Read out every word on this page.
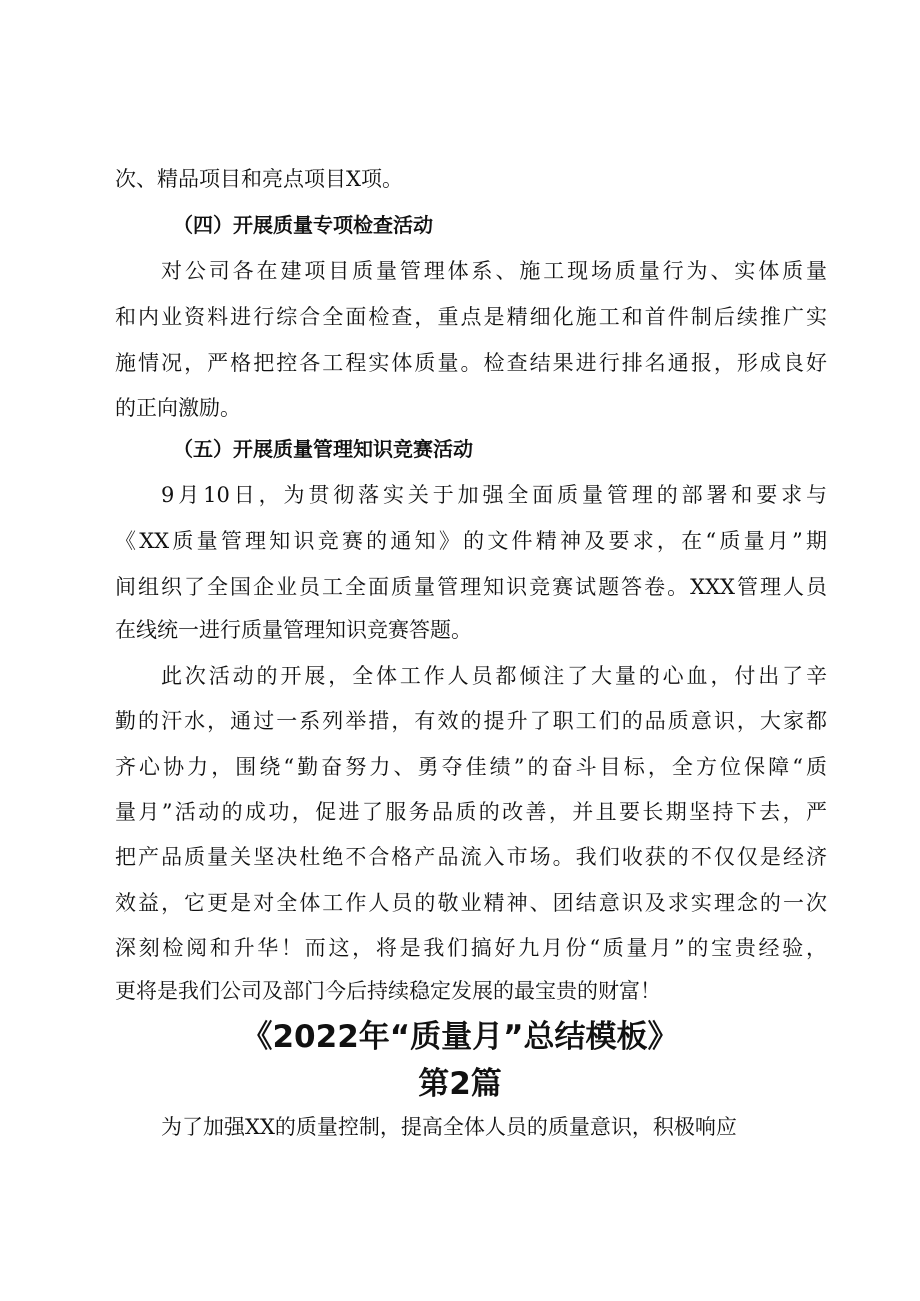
次、精品项目和亮点项目X项。

（四）开展质量专项检查活动

对公司各在建项目质量管理体系、施工现场质量行为、实体质量

和内业资料进行综合全面检查，重点是精细化施工和首件制后续推广实

施情况，严格把控各工程实体质量。检查结果进行排名通报，形成良好

的正向激励。

（五）开展质量管理知识竞赛活动

9月10日，为贯彻落实关于加强全面质量管理的部署和要求与

《XX质量管理知识竞赛的通知》的文件精神及要求，在“质量月”期

间组织了全国企业员工全面质量管理知识竞赛试题答卷。XXX管理人员

在线统一进行质量管理知识竞赛答题。

此次活动的开展，全体工作人员都倾注了大量的心血，付出了辛

勤的汗水，通过一系列举措，有效的提升了职工们的品质意识，大家都

齐心协力，围绕“勤奋努力、勇夺佳绩”的奋斗目标，全方位保障“质

量月”活动的成功，促进了服务品质的改善，并且要长期坚持下去，严

把产品质量关坚决杜绝不合格产品流入市场。我们收获的不仅仅是经济

效益，它更是对全体工作人员的敬业精神、团结意识及求实理念的一次

深刻检阅和升华！而这，将是我们搞好九月份“质量月”的宝贵经验，

更将是我们公司及部门今后持续稳定发展的最宝贵的财富！

《2022年“质量月”总结模板》
第2篇

为了加强XX的质量控制，提高全体人员的质量意识，积极响应
